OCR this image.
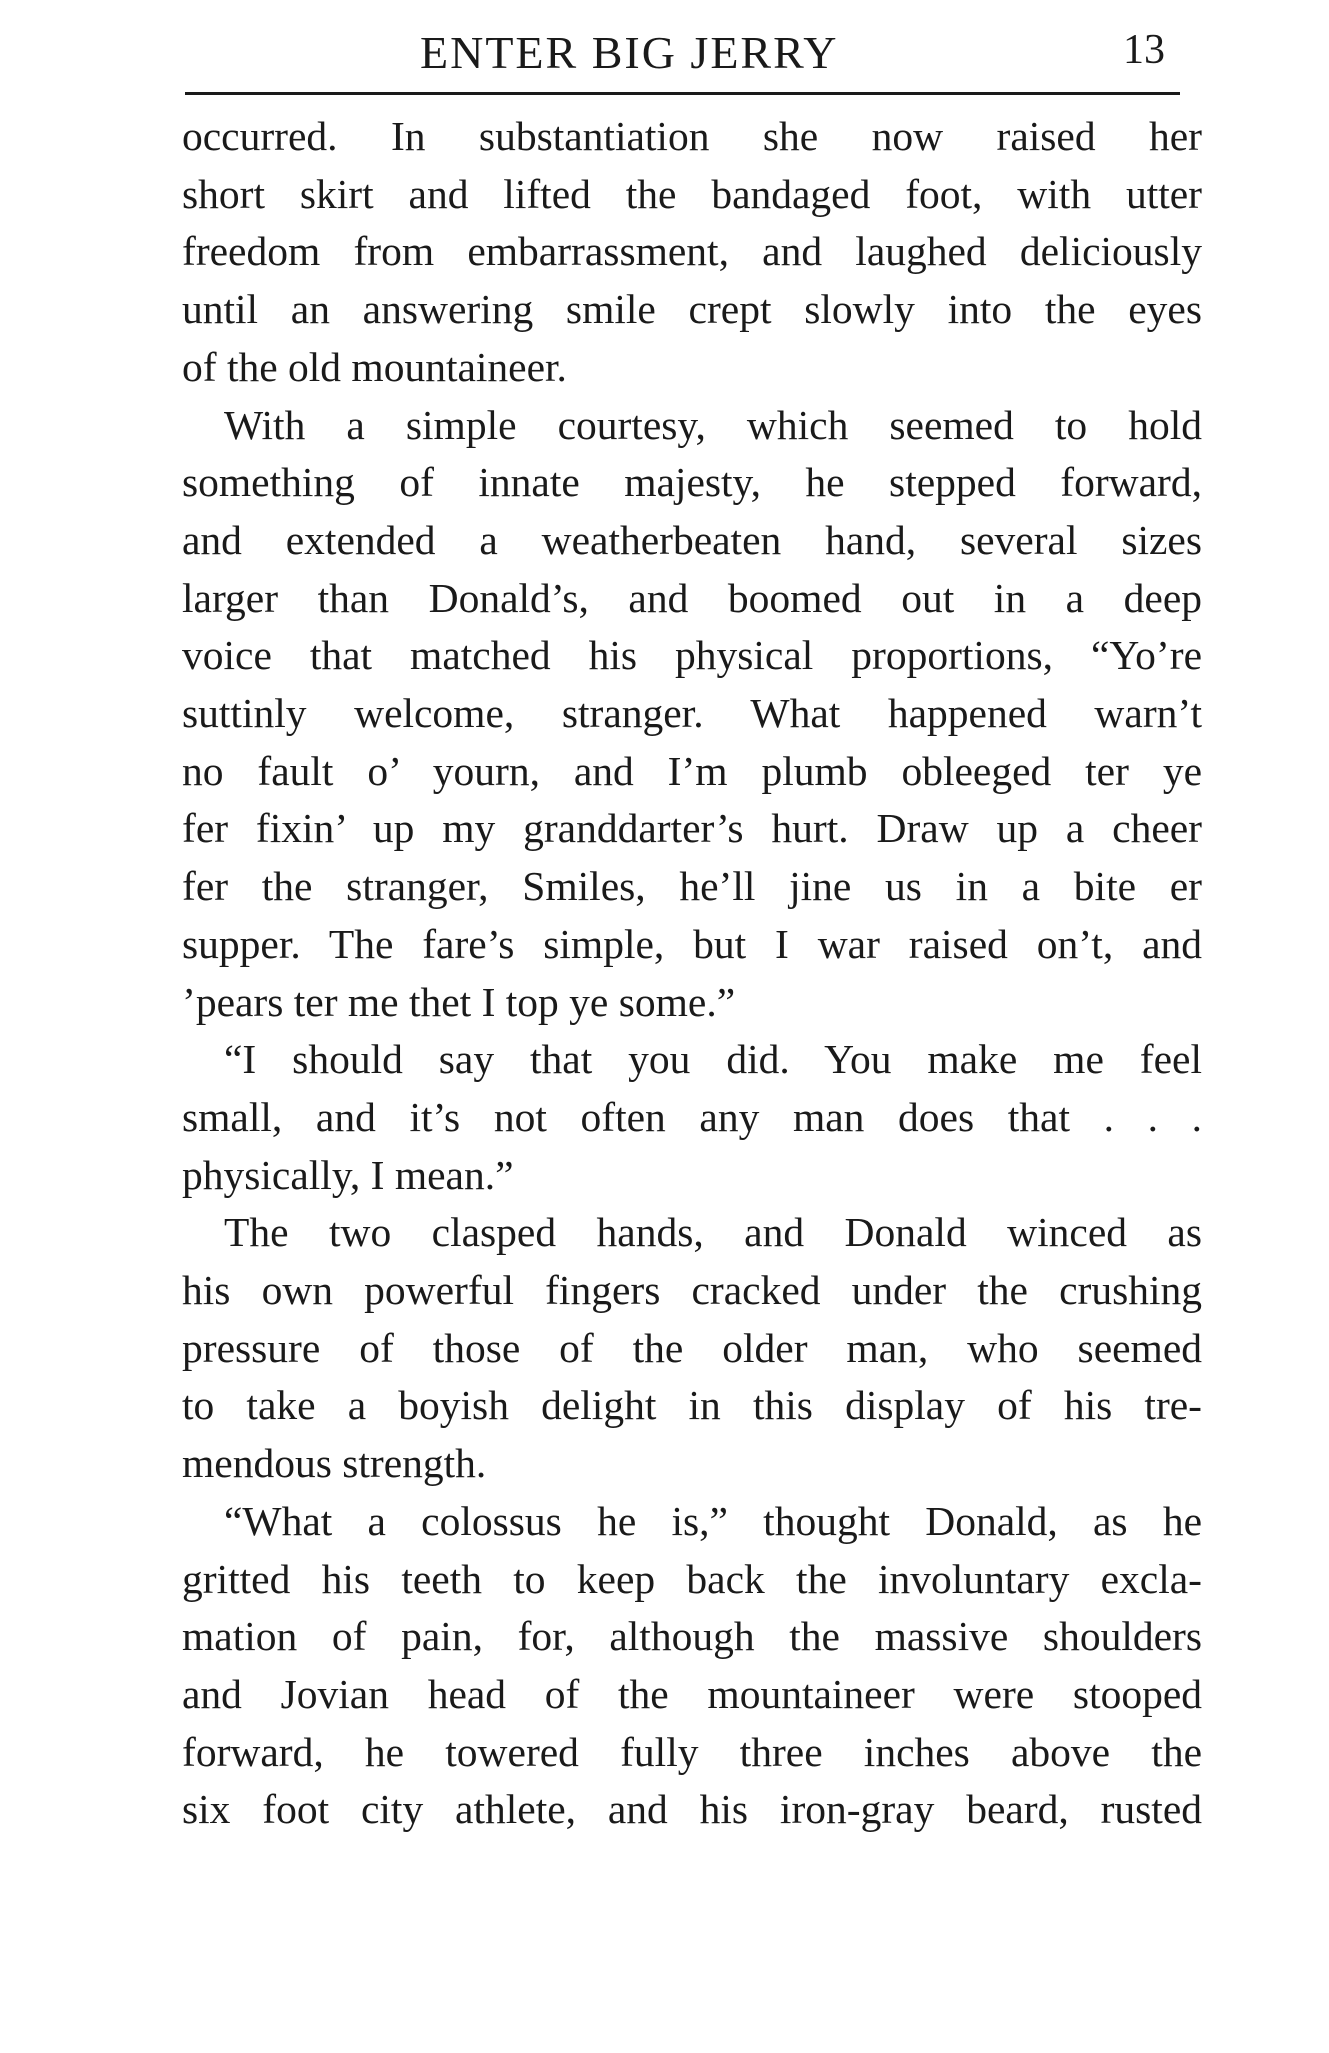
ENTER BIG JERRY	13

occurred. In substantiation she now raised her
short skirt and lifted the bandaged foot, with utter
freedom from embarrassment, and laughed deliciously
until an answering smile crept slowly into the eyes
of the old mountaineer.

With a simple courtesy, which seemed to hold
something of innate majesty, he stepped forward,
and extended a weatherbeaten hand, several sizes
larger than Donald’s, and boomed out in a deep
voice that matched his physical proportions, “Yo’re
suttinly welcome, stranger. What happened warn’t
no fault o’ yourn, and I’m plumb obleeged ter ye
fer fixin’ up my granddarter’s hurt. Draw up a cheer
fer the stranger, Smiles, he’ll jine us in a bite er
supper. The fare’s simple, but I war raised on’t, and
’pears ter me thet I top ye some.”

“I should say that you did. You make me feel
small, and it’s not often any man does that . . .
physically, I mean.”

The two clasped hands, and Donald winced as
his own powerful fingers cracked under the crushing
pressure of those of the older man, who seemed
to take a boyish delight in this display of his tre-
mendous strength.

“What a colossus he is,” thought Donald, as he
gritted his teeth to keep back the involuntary excla-
mation of pain, for, although the massive shoulders
and Jovian head of the mountaineer were stooped
forward, he towered fully three inches above the
six foot city athlete, and his iron-gray beard, rusted
